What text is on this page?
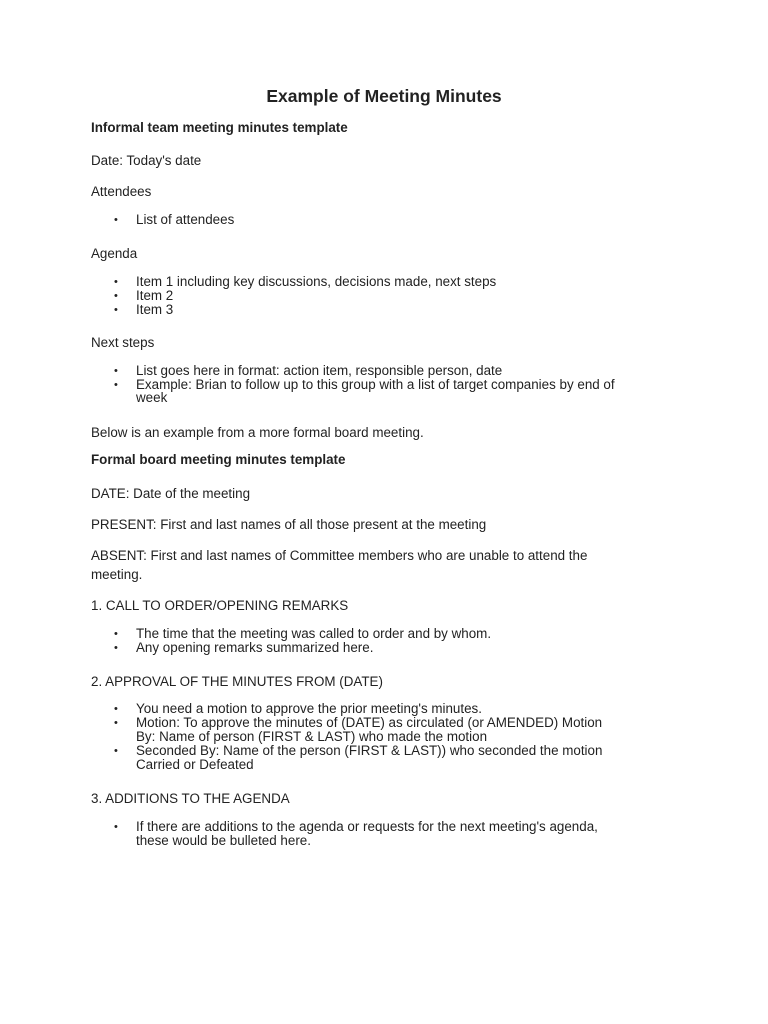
Example of Meeting Minutes
Informal team meeting minutes template
Date: Today's date
Attendees
• List of attendees
Agenda
• Item 1 including key discussions, decisions made, next steps
• Item 2
• Item 3
Next steps
• List goes here in format: action item, responsible person, date
• Example: Brian to follow up to this group with a list of target companies by end of
week
Below is an example from a more formal board meeting.
Formal board meeting minutes template
DATE: Date of the meeting
PRESENT: First and last names of all those present at the meeting
ABSENT: First and last names of Committee members who are unable to attend the
meeting.
1. CALL TO ORDER/OPENING REMARKS
• The time that the meeting was called to order and by whom.
• Any opening remarks summarized here.
2. APPROVAL OF THE MINUTES FROM (DATE)
• You need a motion to approve the prior meeting's minutes.
• Motion: To approve the minutes of (DATE) as circulated (or AMENDED) Motion
By: Name of person (FIRST & LAST) who made the motion
• Seconded By: Name of the person (FIRST & LAST)) who seconded the motion
Carried or Defeated
3. ADDITIONS TO THE AGENDA
• If there are additions to the agenda or requests for the next meeting's agenda,
these would be bulleted here.
